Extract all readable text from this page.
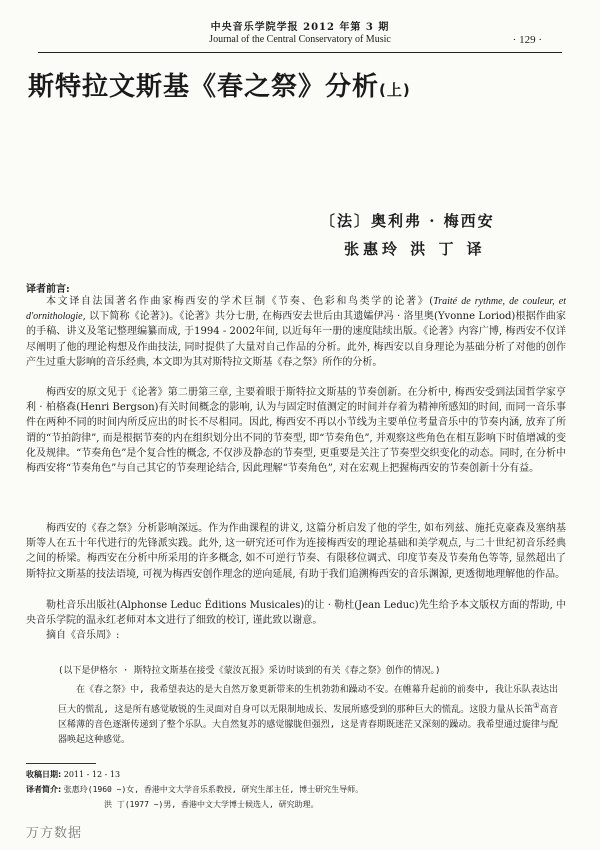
中央音乐学院学报 2012 年第 3 期
Journal of the Central Conservatory of Music	· 129 ·
斯特拉文斯基《春之祭》分析(上)
〔法〕奥利弗 · 梅西安
张惠玲 洪 丁 译
译者前言:

本文译自法国著名作曲家梅西安的学术巨制《节奏、色彩和鸟类学的论著》(Traité de rythme, de couleur, et d'ornithologie, 以下简称《论著》)。《论著》共分七册, 在梅西安去世后由其遗孀伊冯 · 洛里奥(Yvonne Loriod)根据作曲家的手稿、讲义及笔记整理编纂而成, 于1994 - 2002年间, 以近每年一册的速度陆续出版。《论著》内容广博, 梅西安不仅详尽阐明了他的理论构想及作曲技法, 同时提供了大量对自己作品的分析。此外, 梅西安以自身理论为基础分析了对他的创作产生过重大影响的音乐经典, 本文即为其对斯特拉文斯基《春之祭》所作的分析。

梅西安的原文见于《论著》第二册第三章, 主要着眼于斯特拉文斯基的节奏创新。在分析中, 梅西安受到法国哲学家亨利 · 柏格森(Henri Bergson)有关时间概念的影响, 认为与固定时值测定的时间并存着为精神所感知的时间, 而同一音乐事件在两种不同的时间内所反应出的时长不尽相同。因此, 梅西安不再以小节线为主要单位考量音乐中的节奏内涵, 放弃了所谓的“节拍韵律”, 而是根据节奏的内在组织划分出不同的节奏型, 即“节奏角色”, 并观察这些角色在相互影响下时值增减的变化及规律。“节奏角色”是个复合性的概念, 不仅涉及静态的节奏型, 更重要是关注了节奏型交织变化的动态。同时, 在分析中梅西安将“节奏角色”与自己其它的节奏理论结合, 因此理解“节奏角色”, 对在宏观上把握梅西安的节奏创新十分有益。

梅西安的《春之祭》分析影响深远。作为作曲课程的讲义, 这篇分析启发了他的学生, 如布列兹、施托克豪森及塞纳基斯等人在五十年代进行的先锋派实践。此外, 这一研究还可作为连接梅西安的理论基础和美学观点, 与二十世纪初音乐经典之间的桥梁。梅西安在分析中所采用的许多概念, 如不可逆行节奏、有限移位调式、印度节奏及节奏角色等等, 显然超出了斯特拉文斯基的技法语境, 可视为梅西安创作理念的逆向延展, 有助于我们追溯梅西安的音乐渊源, 更透彻地理解他的作品。

勒杜音乐出版社(Alphonse Leduc Éditions Musicales)的让 · 勒杜(Jean Leduc)先生给予本文版权方面的帮助, 中央音乐学院的温永红老师对本文进行了细致的校订, 谨此致以谢意。

摘自《音乐周》:

(以下是伊格尔 · 斯特拉文斯基在接受《蒙汝瓦报》采访时谈到的有关《春之祭》创作的情况。)

在《春之祭》中, 我希望表达的是大自然万象更新带来的生机勃勃和躁动不安。在帷幕升起前的前奏中, 我让乐队表达出巨大的慌乱, 这是所有感觉敏锐的生灵面对自身可以无限制地成长、发展所感受到的那种巨大的慌乱。这股力量从长笛①高音区稀薄的音色逐渐传递到了整个乐队。大自然复苏的感觉朦胧但强烈, 这是青春期既迷茫又深刻的躁动。我希望通过旋律与配器唤起这种感觉。

收稿日期: 2011 - 12 - 13
译者简介: 张惠玲(1960 ~)女, 香港中文大学音乐系教授, 研究生部主任, 博士研究生导师。
洪 丁(1977 ~)男, 香港中文大学博士候选人, 研究助理。
万方数据
